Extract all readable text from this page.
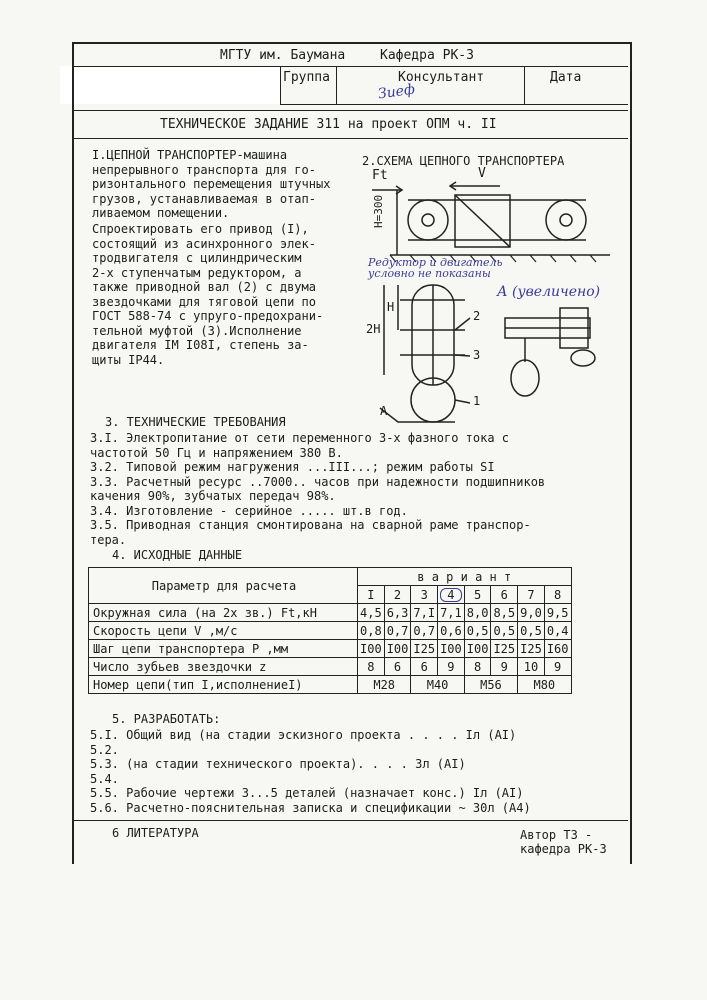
МГТУ им. Баумана	Кафедра РК-3
Группа	Консультант	Дата
Зиеф
ТЕХНИЧЕСКОЕ ЗАДАНИЕ 311 на проект ОПМ ч. II
I.ЦЕПНОЙ ТРАНСПОРТЕР-машина
непрерывного транспорта для го-
ризонтального перемещения штучных
грузов, устанавливаемая в отап-
ливаемом помещении.
Спроектировать его привод (I),
состоящий из асинхронного элек-
тродвигателя с цилиндрическим
2-х ступенчатым редуктором, а
также приводной вал (2) с двума
звездочками для тяговой цепи по
ГОСТ 588-74 с упруго-предохрани-
тельной муфтой (3).Исполнение
двигателя IM I08I, степень за-
щиты IP44.
2.СХЕМА ЦЕПНОГО ТРАНСПОРТЕРА
Ft	V
H=300
Редуктор и двигатель
условно не показаны
А (увеличено)
2H
H
2
3
1
А
3. ТЕХНИЧЕСКИЕ ТРЕБОВАНИЯ
3.I. Электропитание от сети переменного 3-х фазного тока с
частотой 50 Гц и напряжением 380 В.
3.2. Типовой режим нагружения ...III...; режим работы SI
3.3. Расчетный ресурс ..7000.. часов при надежности подшипников
качения 90%, зубчатых передач 98%.
3.4. Изготовление - серийное ..... шт.в год.
3.5. Приводная станция смонтирована на сварной раме транспор-
тера.
4. ИСХОДНЫЕ ДАННЫЕ
Параметр для расчета	в а р и а н т							
	I	2	3	4	5	6	7	8
Окружная сила (на 2х зв.) Ft,кН	4,5	6,3	7,I	7,1	8,0	8,5	9,0	9,5
Скорость цепи V ,м/с	0,8	0,7	0,7	0,6	0,5	0,5	0,5	0,4
Шаг цепи транспортера P ,мм	I00	I00	I25	I00	I00	I25	I25	I60
Число зубьев звездочки z	8	6	6	9	8	9	10	9
Номер цепи(тип I,исполнениеI)	М28		М40		М56		М80	
5. РАЗРАБОТАТЬ:
5.I. Общий вид (на стадии эскизного проекта . . . . Iл (AI)
5.2.
5.3. (на стадии технического проекта). . . . 3л (AI)
5.4.
5.5. Рабочие чертежи 3...5 деталей (назначает конс.) Iл (AI)
5.6. Расчетно-пояснительная записка и спецификации ~ 30л (А4)
6 ЛИТЕРАТУРА	Автор ТЗ -
кафедра РК-3
